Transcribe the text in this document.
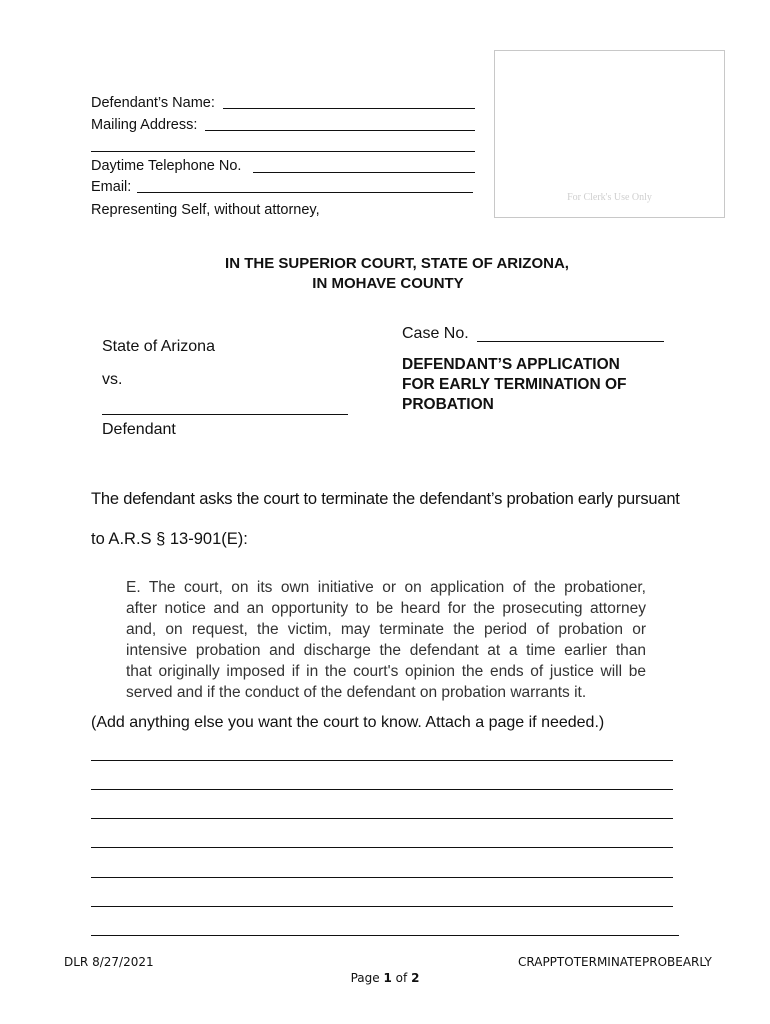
Defendant’s Name:
Mailing Address:
Daytime Telephone No.
Email:
Representing Self, without attorney,
For Clerk's Use Only
IN THE SUPERIOR COURT, STATE OF ARIZONA,
IN MOHAVE COUNTY
State of Arizona
vs.
Defendant
Case No.
DEFENDANT’S APPLICATION
FOR EARLY TERMINATION OF
PROBATION
The defendant asks the court to terminate the defendant’s probation early pursuant
to A.R.S § 13-901(E):
E. The court, on its own initiative or on application of the probationer,
after notice and an opportunity to be heard for the prosecuting attorney
and, on request, the victim, may terminate the period of probation or
intensive probation and discharge the defendant at a time earlier than
that originally imposed if in the court's opinion the ends of justice will be
served and if the conduct of the defendant on probation warrants it.
(Add anything else you want the court to know. Attach a page if needed.)
DLR 8/27/2021	CRAPPTOTERMINATEPROBEARLY
Page 1 of 2
